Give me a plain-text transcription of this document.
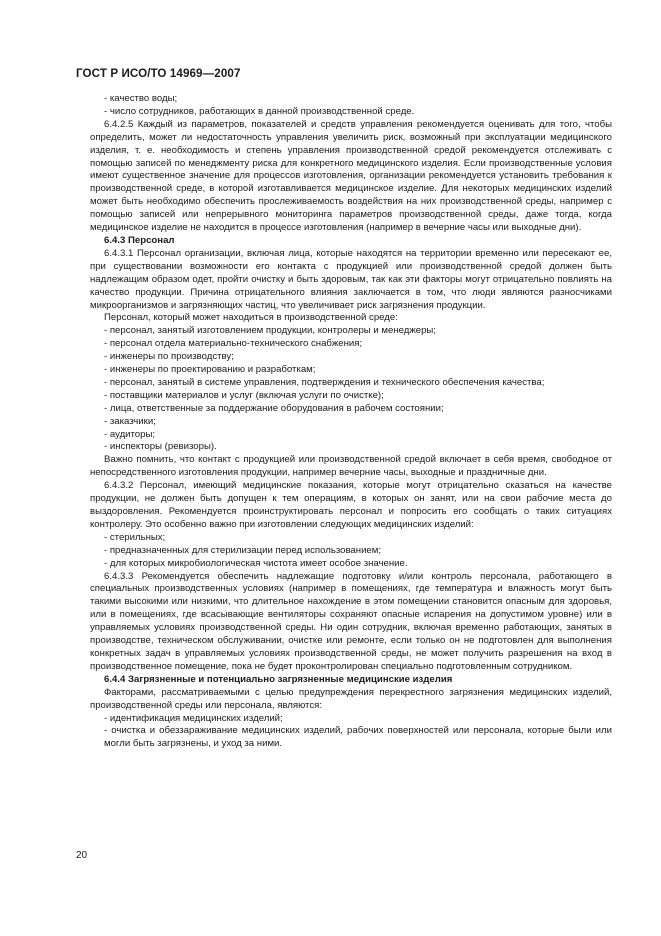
ГОСТ Р ИСО/ТО 14969—2007

- качество воды;

- число сотрудников, работающих в данной производственной среде.

6.4.2.5 Каждый из параметров, показателей и средств управления рекомендуется оценивать для того, чтобы определить, может ли недостаточность управления увеличить риск, возможный при эксплуатации медицинского изделия, т. е. необходимость и степень управления производственной средой рекомендуется отслеживать с помощью записей по менеджменту риска для конкретного медицинского изделия. Если производственные условия имеют существенное значение для процессов изготовления, организации рекомендуется установить требования к производственной среде, в которой изготавливается медицинское изделие. Для некоторых медицинских изделий может быть необходимо обеспечить прослеживаемость воздействия на них производственной среды, например с помощью записей или непрерывного мониторинга параметров производственной среды, даже тогда, когда медицинское изделие не находится в процессе изготовления (например в вечерние часы или выходные дни).

6.4.3 Персонал

6.4.3.1 Персонал организации, включая лица, которые находятся на территории временно или пересекают ее, при существовании возможности его контакта с продукцией или производственной средой должен быть надлежащим образом одет, пройти очистку и быть здоровым, так как эти факторы могут отрицательно повлиять на качество продукции. Причина отрицательного влияния заключается в том, что люди являются разносчиками микроорганизмов и загрязняющих частиц, что увеличивает риск загрязнения продукции.

Персонал, который может находиться в производственной среде:

- персонал, занятый изготовлением продукции, контролеры и менеджеры;

- персонал отдела материально-технического снабжения;

- инженеры по производству;

- инженеры по проектированию и разработкам;

- персонал, занятый в системе управления, подтверждения и технического обеспечения качества;

- поставщики материалов и услуг (включая услуги по очистке);

- лица, ответственные за поддержание оборудования в рабочем состоянии;

- заказчики;

- аудиторы;

- инспекторы (ревизоры).

Важно помнить, что контакт с продукцией или производственной средой включает в себя время, свободное от непосредственного изготовления продукции, например вечерние часы, выходные и праздничные дни.

6.4.3.2 Персонал, имеющий медицинские показания, которые могут отрицательно сказаться на качестве продукции, не должен быть допущен к тем операциям, в которых он занят, или на свои рабочие места до выздоровления. Рекомендуется проинструктировать персонал и попросить его сообщать о таких ситуациях контролеру. Это особенно важно при изготовлении следующих медицинских изделий:

- стерильных;

- предназначенных для стерилизации перед использованием;

- для которых микробиологическая чистота имеет особое значение.

6.4.3.3 Рекомендуется обеспечить надлежащие подготовку и/или контроль персонала, работающего в специальных производственных условиях (например в помещениях, где температура и влажность могут быть такими высокими или низкими, что длительное нахождение в этом помещении становится опасным для здоровья, или в помещениях, где всасывающие вентиляторы сохраняют опасные испарения на допустимом уровне) или в управляемых условиях производственной среды. Ни один сотрудник, включая временно работающих, занятых в производстве, техническом обслуживании, очистке или ремонте, если только он не подготовлен для выполнения конкретных задач в управляемых условиях производственной среды, не может получить разрешения на вход в производственное помещение, пока не будет проконтролирован специально подготовленным сотрудником.

6.4.4 Загрязненные и потенциально загрязненные медицинские изделия

Факторами, рассматриваемыми с целью предупреждения перекрестного загрязнения медицинских изделий, производственной среды или персонала, являются:

- идентификация медицинских изделий;

- очистка и обеззараживание медицинских изделий, рабочих поверхностей или персонала, которые были или могли быть загрязнены, и уход за ними.

20
